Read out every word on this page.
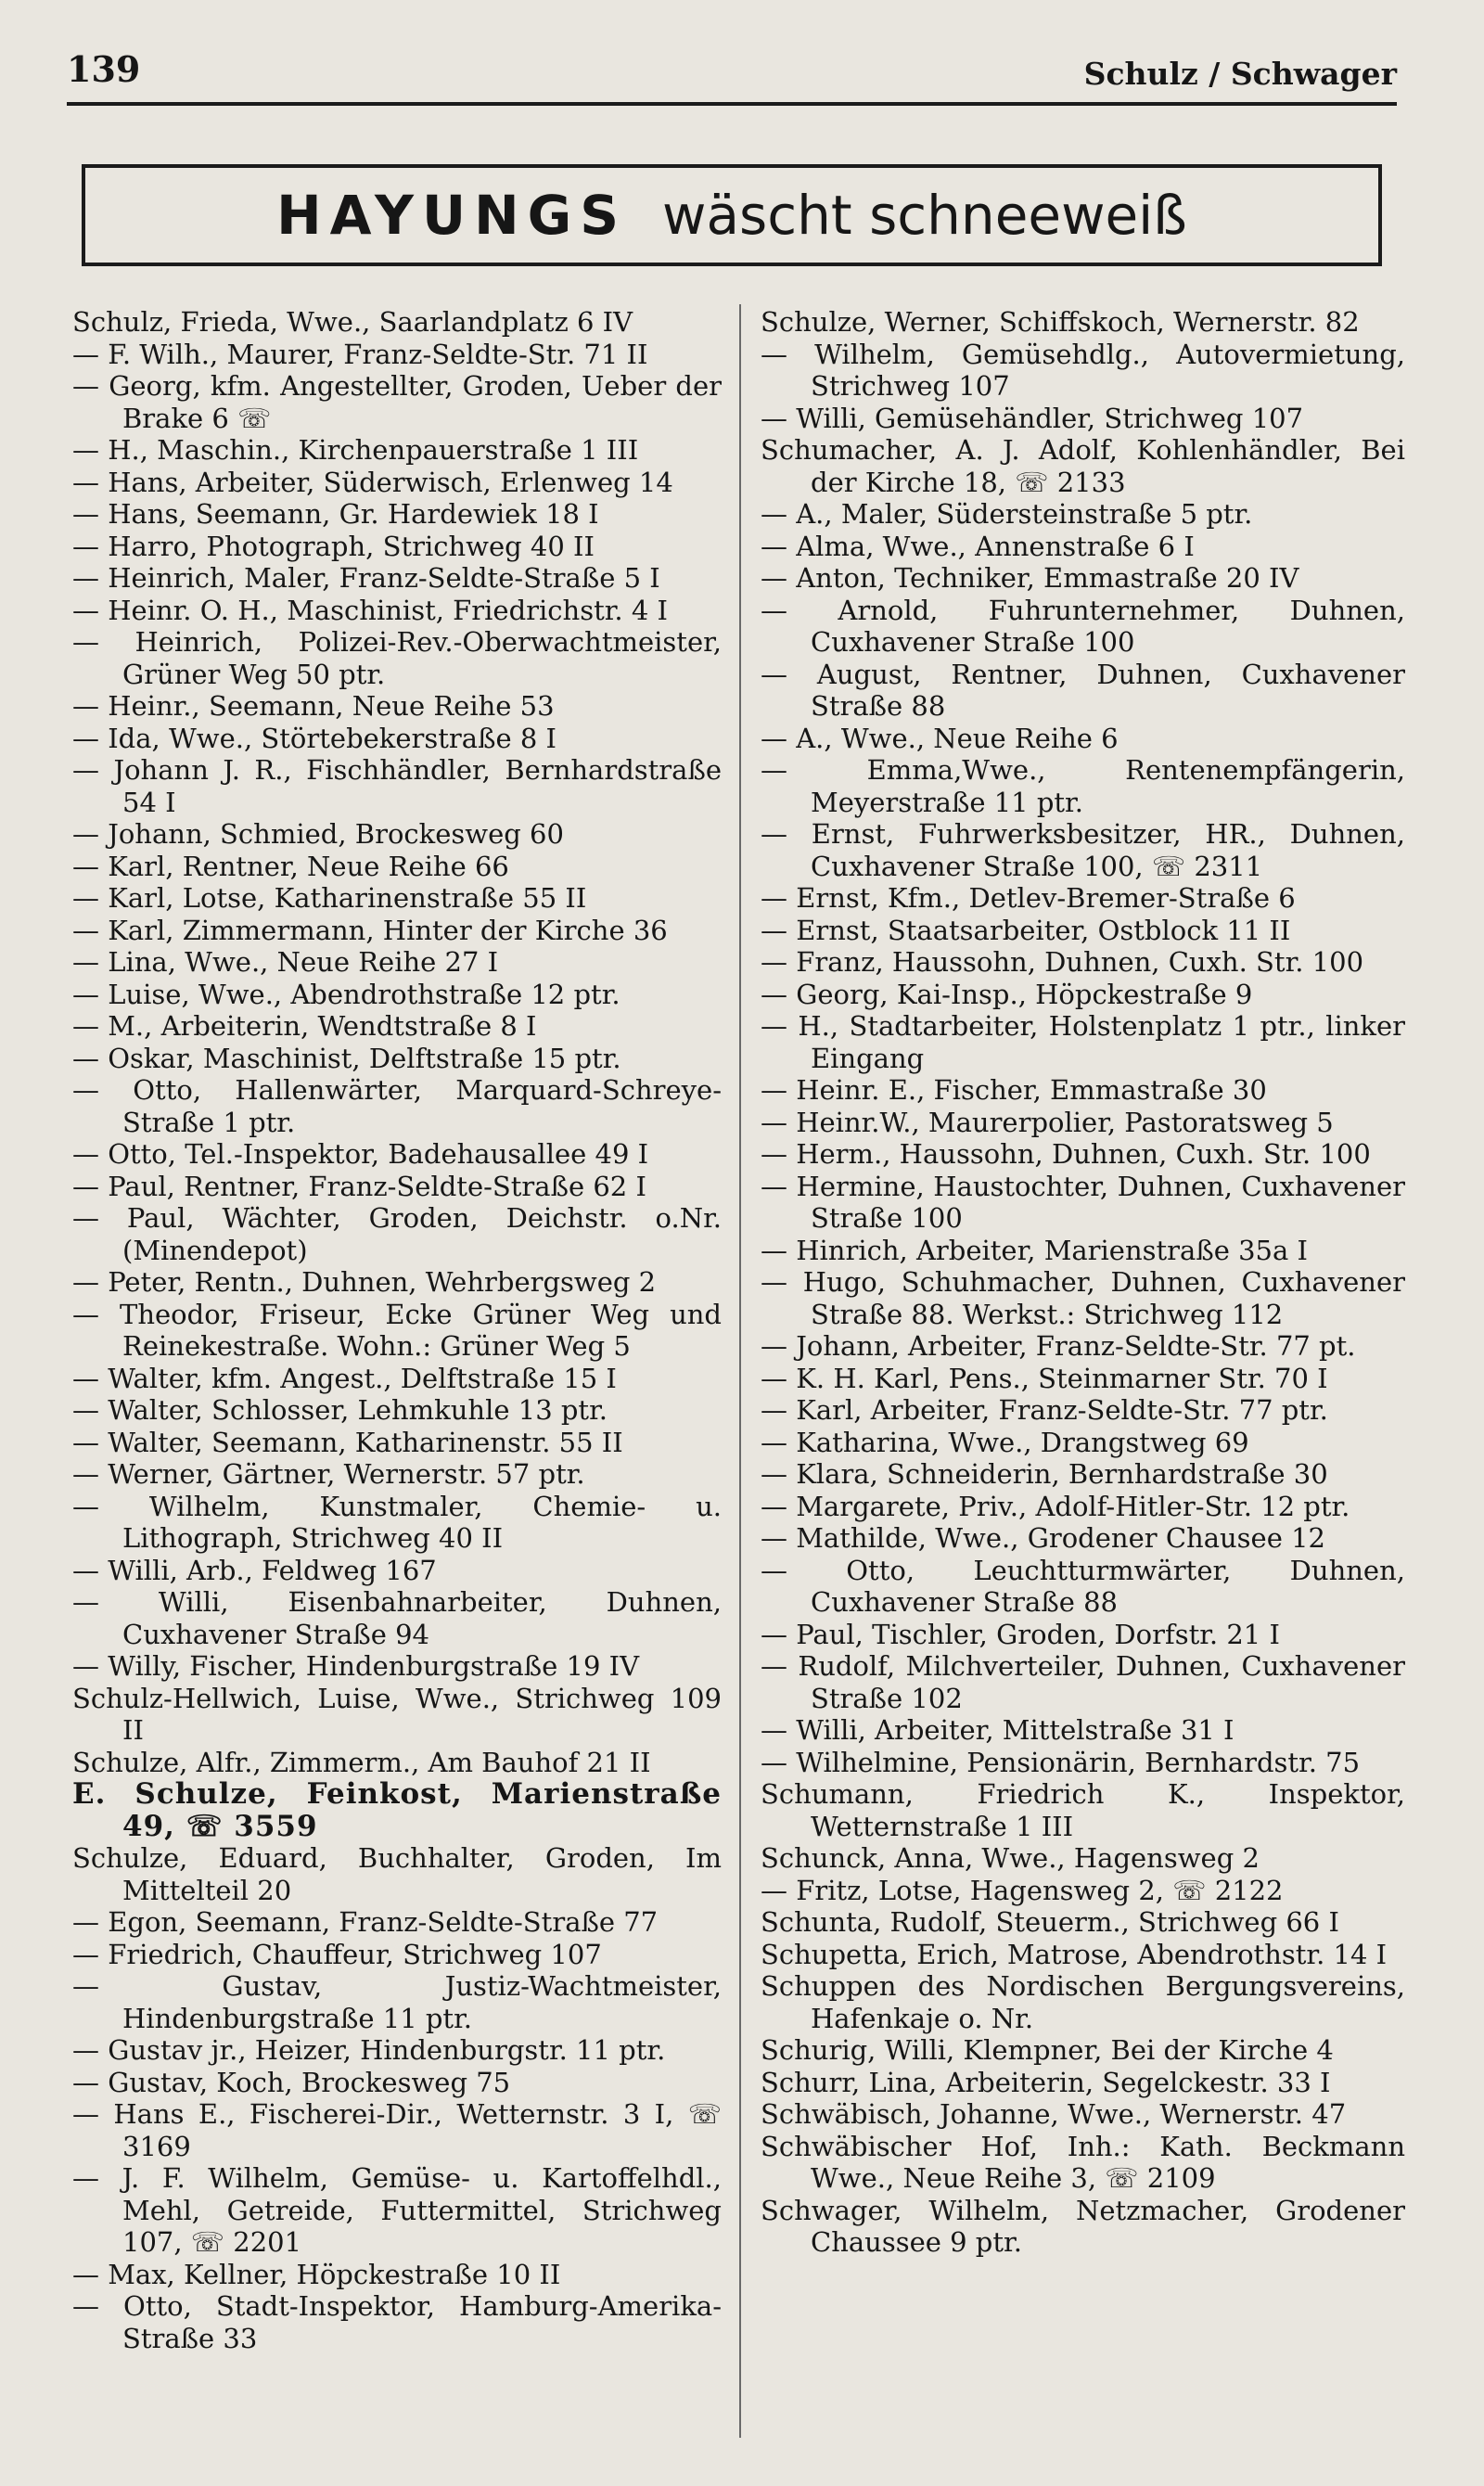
139	Schulz / Schwager
HAYUNGS wäscht schneeweiß
Schulz, Frieda, Wwe., Saarlandplatz 6 IV
— F. Wilh., Maurer, Franz-Seldte-Str. 71 II
— Georg, kfm. Angestellter, Groden, Ueber der Brake 6 ☏
— H., Maschin., Kirchenpauerstraße 1 III
— Hans, Arbeiter, Süderwisch, Erlenweg 14
— Hans, Seemann, Gr. Hardewiek 18 I
— Harro, Photograph, Strichweg 40 II
— Heinrich, Maler, Franz-Seldte-Straße 5 I
— Heinr. O. H., Maschinist, Friedrichstr. 4 I
— Heinrich, Polizei-Rev.-Oberwachtmeister, Grüner Weg 50 ptr.
— Heinr., Seemann, Neue Reihe 53
— Ida, Wwe., Störtebekerstraße 8 I
— Johann J. R., Fischhändler, Bernhardstraße 54 I
— Johann, Schmied, Brockesweg 60
— Karl, Rentner, Neue Reihe 66
— Karl, Lotse, Katharinenstraße 55 II
— Karl, Zimmermann, Hinter der Kirche 36
— Lina, Wwe., Neue Reihe 27 I
— Luise, Wwe., Abendrothstraße 12 ptr.
— M., Arbeiterin, Wendtstraße 8 I
— Oskar, Maschinist, Delftstraße 15 ptr.
— Otto, Hallenwärter, Marquard-Schreye-Straße 1 ptr.
— Otto, Tel.-Inspektor, Badehausallee 49 I
— Paul, Rentner, Franz-Seldte-Straße 62 I
— Paul, Wächter, Groden, Deichstr. o.Nr. (Minendepot)
— Peter, Rentn., Duhnen, Wehrbergsweg 2
— Theodor, Friseur, Ecke Grüner Weg und Reinekestraße. Wohn.: Grüner Weg 5
— Walter, kfm. Angest., Delftstraße 15 I
— Walter, Schlosser, Lehmkuhle 13 ptr.
— Walter, Seemann, Katharinenstr. 55 II
— Werner, Gärtner, Wernerstr. 57 ptr.
— Wilhelm, Kunstmaler, Chemie- u. Lithograph, Strichweg 40 II
— Willi, Arb., Feldweg 167
— Willi, Eisenbahnarbeiter, Duhnen, Cuxhavener Straße 94
— Willy, Fischer, Hindenburgstraße 19 IV
Schulz-Hellwich, Luise, Wwe., Strichweg 109 II
Schulze, Alfr., Zimmerm., Am Bauhof 21 II
E. Schulze, Feinkost, Marienstraße 49, ☏ 3559
Schulze, Eduard, Buchhalter, Groden, Im Mittelteil 20
— Egon, Seemann, Franz-Seldte-Straße 77
— Friedrich, Chauffeur, Strichweg 107
— Gustav, Justiz-Wachtmeister, Hindenburgstraße 11 ptr.
— Gustav jr., Heizer, Hindenburgstr. 11 ptr.
— Gustav, Koch, Brockesweg 75
— Hans E., Fischerei-Dir., Wetternstr. 3 I, ☏ 3169
— J. F. Wilhelm, Gemüse- u. Kartoffelhdl., Mehl, Getreide, Futtermittel, Strichweg 107, ☏ 2201
— Max, Kellner, Höpckestraße 10 II
— Otto, Stadt-Inspektor, Hamburg-Amerika-Straße 33
Schulze, Werner, Schiffskoch, Wernerstr. 82
— Wilhelm, Gemüsehdlg., Autovermietung, Strichweg 107
— Willi, Gemüsehändler, Strichweg 107
Schumacher, A. J. Adolf, Kohlenhändler, Bei der Kirche 18, ☏ 2133
— A., Maler, Südersteinstraße 5 ptr.
— Alma, Wwe., Annenstraße 6 I
— Anton, Techniker, Emmastraße 20 IV
— Arnold, Fuhrunternehmer, Duhnen, Cuxhavener Straße 100
— August, Rentner, Duhnen, Cuxhavener Straße 88
— A., Wwe., Neue Reihe 6
— Emma,Wwe., Rentenempfängerin, Meyerstraße 11 ptr.
— Ernst, Fuhrwerksbesitzer, HR., Duhnen, Cuxhavener Straße 100, ☏ 2311
— Ernst, Kfm., Detlev-Bremer-Straße 6
— Ernst, Staatsarbeiter, Ostblock 11 II
— Franz, Haussohn, Duhnen, Cuxh. Str. 100
— Georg, Kai-Insp., Höpckestraße 9
— H., Stadtarbeiter, Holstenplatz 1 ptr., linker Eingang
— Heinr. E., Fischer, Emmastraße 30
— Heinr.W., Maurerpolier, Pastoratsweg 5
— Herm., Haussohn, Duhnen, Cuxh. Str. 100
— Hermine, Haustochter, Duhnen, Cuxhavener Straße 100
— Hinrich, Arbeiter, Marienstraße 35a I
— Hugo, Schuhmacher, Duhnen, Cuxhavener Straße 88. Werkst.: Strichweg 112
— Johann, Arbeiter, Franz-Seldte-Str. 77 pt.
— K. H. Karl, Pens., Steinmarner Str. 70 I
— Karl, Arbeiter, Franz-Seldte-Str. 77 ptr.
— Katharina, Wwe., Drangstweg 69
— Klara, Schneiderin, Bernhardstraße 30
— Margarete, Priv., Adolf-Hitler-Str. 12 ptr.
— Mathilde, Wwe., Grodener Chausee 12
— Otto, Leuchtturmwärter, Duhnen, Cuxhavener Straße 88
— Paul, Tischler, Groden, Dorfstr. 21 I
— Rudolf, Milchverteiler, Duhnen, Cuxhavener Straße 102
— Willi, Arbeiter, Mittelstraße 31 I
— Wilhelmine, Pensionärin, Bernhardstr. 75
Schumann, Friedrich K., Inspektor, Wetternstraße 1 III
Schunck, Anna, Wwe., Hagensweg 2
— Fritz, Lotse, Hagensweg 2, ☏ 2122
Schunta, Rudolf, Steuerm., Strichweg 66 I
Schupetta, Erich, Matrose, Abendrothstr. 14 I
Schuppen des Nordischen Bergungsvereins, Hafenkaje o. Nr.
Schurig, Willi, Klempner, Bei der Kirche 4
Schurr, Lina, Arbeiterin, Segelckestr. 33 I
Schwäbisch, Johanne, Wwe., Wernerstr. 47
Schwäbischer Hof, Inh.: Kath. Beckmann Wwe., Neue Reihe 3, ☏ 2109
Schwager, Wilhelm, Netzmacher, Grodener Chaussee 9 ptr.
